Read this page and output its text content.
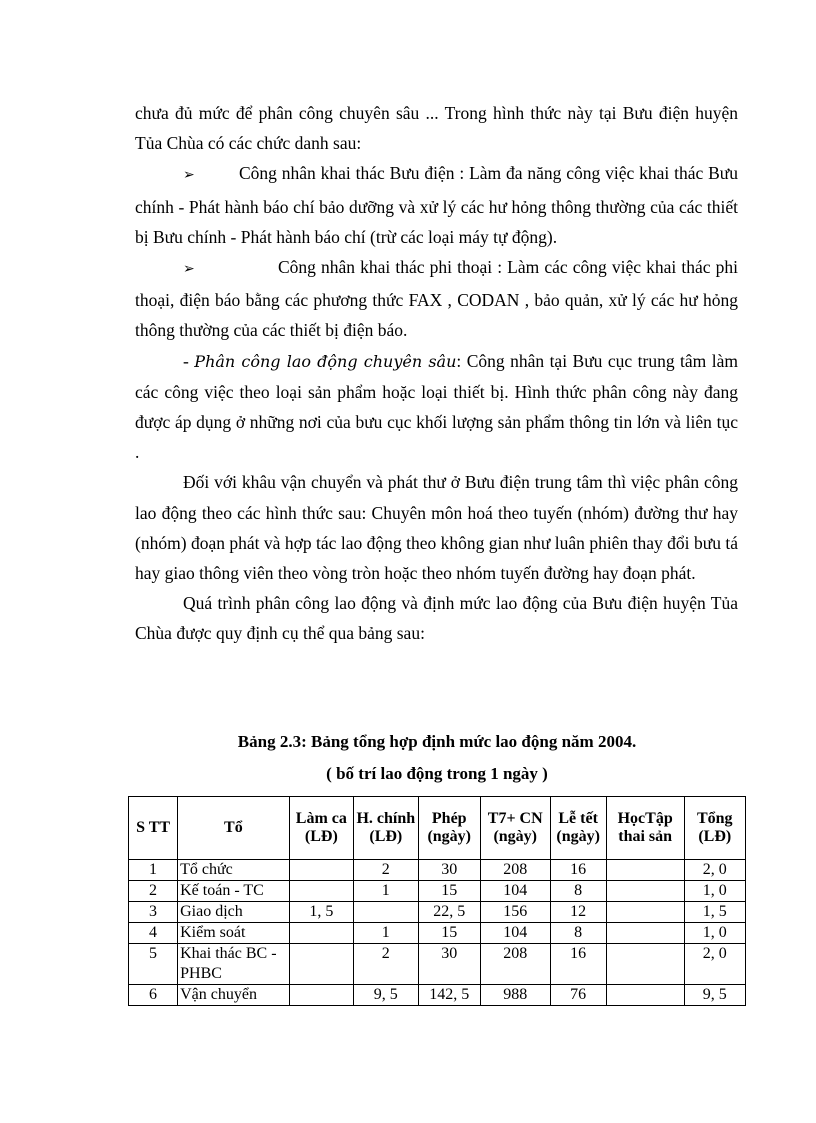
chưa đủ mức để phân công chuyên sâu ... Trong hình thức này tại Bưu điện huyện Tủa Chùa có các chức danh sau:

➢	Công nhân khai thác Bưu điện : Làm đa năng công việc khai thác Bưu chính - Phát hành báo chí bảo dưỡng và xử lý các hư hỏng thông thường của các thiết bị Bưu chính - Phát hành báo chí (trừ các loại máy tự động).

➢	Công nhân khai thác phi thoại : Làm các công việc khai thác phi thoại, điện báo bằng các phương thức FAX , CODAN , bảo quản, xử lý các hư hỏng thông thường của các thiết bị điện báo.

- Phân công lao động chuyên sâu: Công nhân tại Bưu cục trung tâm làm các công việc theo loại sản phẩm hoặc loại thiết bị. Hình thức phân công này đang được áp dụng ở những nơi của bưu cục khối lượng sản phẩm thông tin lớn và liên tục .

Đối với khâu vận chuyển và phát thư ở Bưu điện trung tâm thì việc phân công lao động theo các hình thức sau: Chuyên môn hoá theo tuyến (nhóm) đường thư hay (nhóm) đoạn phát và hợp tác lao động theo không gian như luân phiên thay đổi bưu tá hay giao thông viên theo vòng tròn hoặc theo nhóm tuyến đường hay đoạn phát.

Quá trình phân công lao động và định mức lao động của Bưu điện huyện Tủa Chùa được quy định cụ thể qua bảng sau:

Bảng 2.3: Bảng tổng hợp định mức lao động năm 2004.
( bố trí lao động trong 1 ngày )
S TT	Tổ	Làm ca (LĐ)	H. chính (LĐ)	Phép (ngày)	T7+ CN (ngày)	Lễ tết (ngày)	HọcTập thai sản	Tổng (LĐ)
1	Tổ chức		2	30	208	16		2, 0
2	Kế toán - TC		1	15	104	8		1, 0
3	Giao dịch	1, 5		22, 5	156	12		1, 5
4	Kiểm soát		1	15	104	8		1, 0
5	Khai thác BC - PHBC		2	30	208	16		2, 0
6	Vận chuyển		9, 5	142, 5	988	76		9, 5
